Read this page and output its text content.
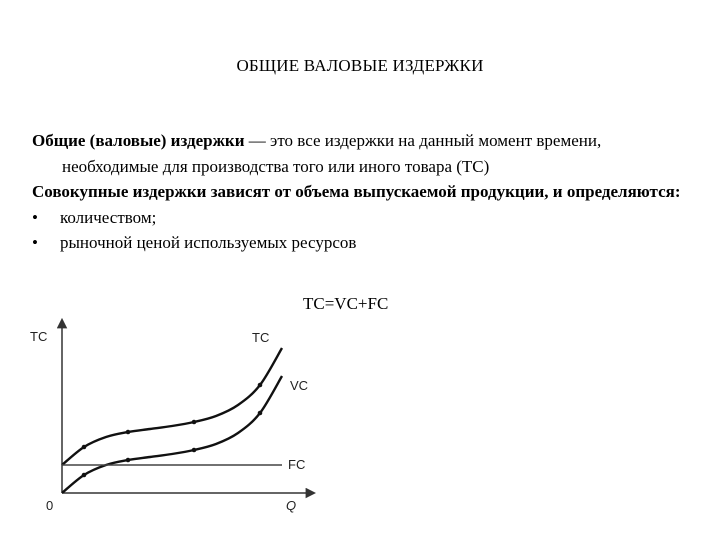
ОБЩИЕ ВАЛОВЫЕ ИЗДЕРЖКИ

Общие (валовые) издержки — это все издержки на данный момент времени, необходимые для производства того или иного товара (ТС)

Совокупные издержки зависят от объема выпускаемой продукции, и определяются:

• количеством;

• рыночной ценой используемых ресурсов

TC=VC+FC
TC
Q
0
TC
VC
FC
